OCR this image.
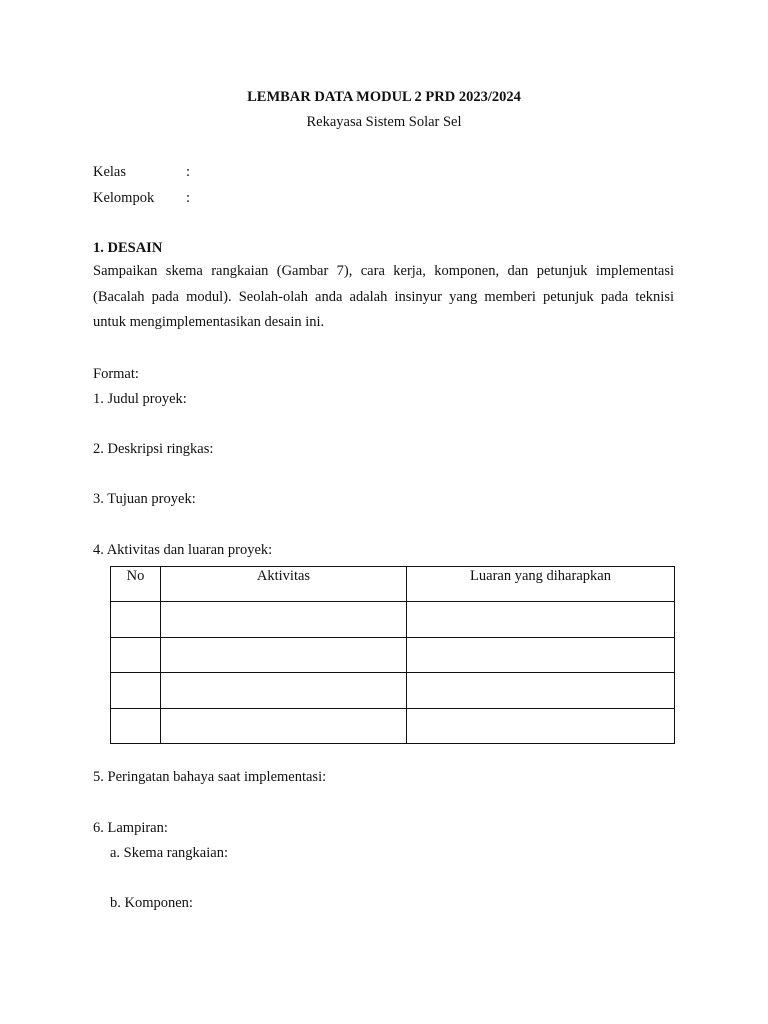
LEMBAR DATA MODUL 2 PRD 2023/2024
Rekayasa Sistem Solar Sel
Kelas	:
Kelompok :
1. DESAIN
Sampaikan skema rangkaian (Gambar 7), cara kerja, komponen, dan petunjuk implementasi
(Bacalah pada modul). Seolah-olah anda adalah insinyur yang memberi petunjuk pada teknisi
untuk mengimplementasikan desain ini.
Format:
1. Judul proyek:
2. Deskripsi ringkas:
3. Tujuan proyek:
4. Aktivitas dan luaran proyek:
No	Aktivitas	Luaran yang diharapkan

5. Peringatan bahaya saat implementasi:
6. Lampiran:
a. Skema rangkaian:
b. Komponen:
